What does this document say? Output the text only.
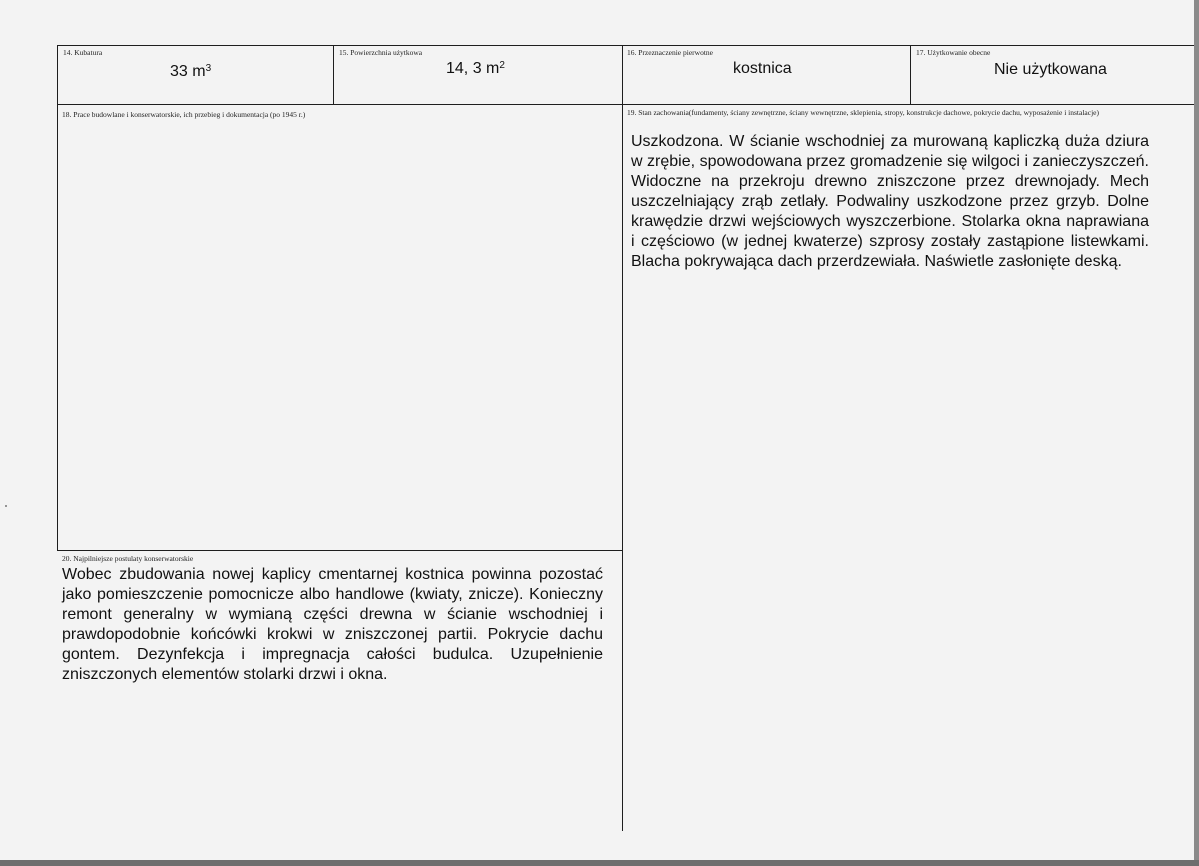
14. Kubatura
33 $m^3$
15. Powierzchnia użytkowa
14, 3 $m^2$
16. Przeznaczenie pierwotne
kostnica
17. Użytkowanie obecne
Nie użytkowana
18. Prace budowlane i konserwatorskie, ich przebieg i dokumentacja (po 1945 r.)	19. Stan zachowania(fundamenty, ściany zewnętrzne, ściany wewnętrzne, sklepienia, stropy, konstrukcje dachowe, pokrycie dachu, wyposażenie i instalacje)
Uszkodzona. W ścianie wschodniej za murowaną kapliczką duża dziura w zrębie, spowodowana przez gromadzenie się wilgoci i zanieczyszczeń. Widoczne na przekroju drewno zniszczone przez drewnojady. Mech uszczelniający zrąb zetlały. Podwaliny uszkodzone przez grzyb. Dolne krawędzie drzwi wejściowych wyszczerbione. Stolarka okna naprawiana i częściowo (w jednej kwaterze) szprosy zostały zastąpione listewkami. Blacha pokrywająca dach przerdzewiała. Naświetle zasłonięte deską.
20. Najpilniejsze postulaty konserwatorskie
Wobec zbudowania nowej kaplicy cmentarnej kostnica powinna pozostać jako pomieszczenie pomocnicze albo handlowe (kwiaty, znicze). Konieczny remont generalny w wymianą części drewna w ścianie wschodniej i prawdopodobnie końcówki krokwi w zniszczonej partii. Pokrycie dachu gontem. Dezynfekcja i impregnacja całości budulca. Uzupełnienie zniszczonych elementów stolarki drzwi i okna.
